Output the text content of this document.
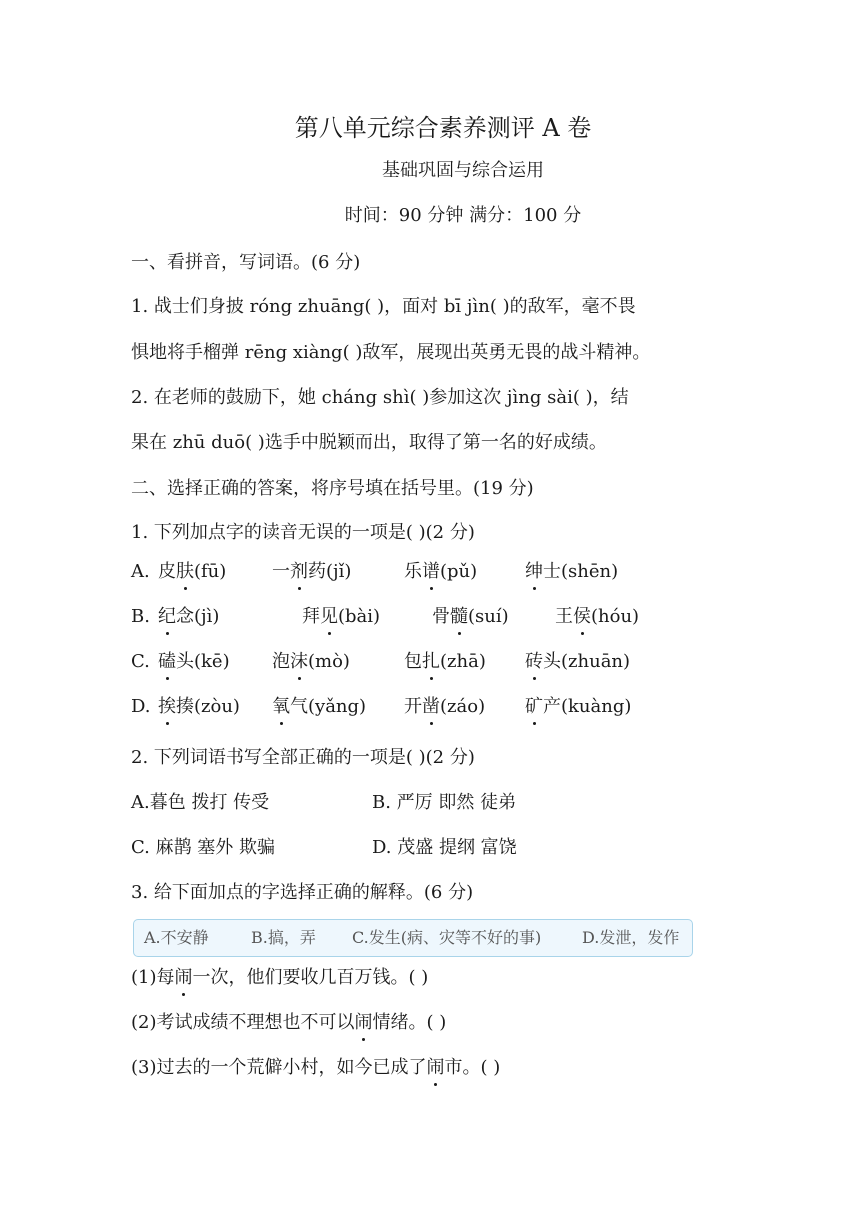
第八单元综合素养测评 A 卷
基础巩固与综合运用
时间：90 分钟 满分：100 分
一、看拼音，写词语。(6 分)
1. 战士们身披 róng zhuāng( )，面对 bī jìn( )的敌军，毫不畏
惧地将手榴弹 rēng xiàng( )敌军，展现出英勇无畏的战斗精神。
2. 在老师的鼓励下，她 cháng shì( )参加这次 jìng sài( )，结
果在 zhū duō( )选手中脱颖而出，取得了第一名的好成绩。
二、选择正确的答案，将序号填在括号里。(19 分)
1. 下列加点字的读音无误的一项是( )(2 分)
A. 皮肤(fū)	一剂药(jǐ)	乐谱(pǔ)	绅士(shēn)
B. 纪念(jì)	拜见(bài)	骨髓(suí)	王侯(hóu)
C. 磕头(kē) 泡沫(mò)	包扎(zhā) 砖头(zhuān)
D. 挨揍(zòu) 氧气(yǎng) 开凿(záo) 矿产(kuàng)
2. 下列词语书写全部正确的一项是( )(2 分)
A.暮色 拨打 传受	B. 严厉 即然 徒弟
C. 麻鹊 塞外 欺骗	D. 茂盛 提纲 富饶
3. 给下面加点的字选择正确的解释。(6 分)
A.不安静	B.搞，弄 C.发生(病、灾等不好的事)	D.发泄，发作
(1)每闹一次，他们要收几百万钱。( )
(2)考试成绩不理想也不可以闹情绪。( )
(3)过去的一个荒僻小村，如今已成了闹市。( )
